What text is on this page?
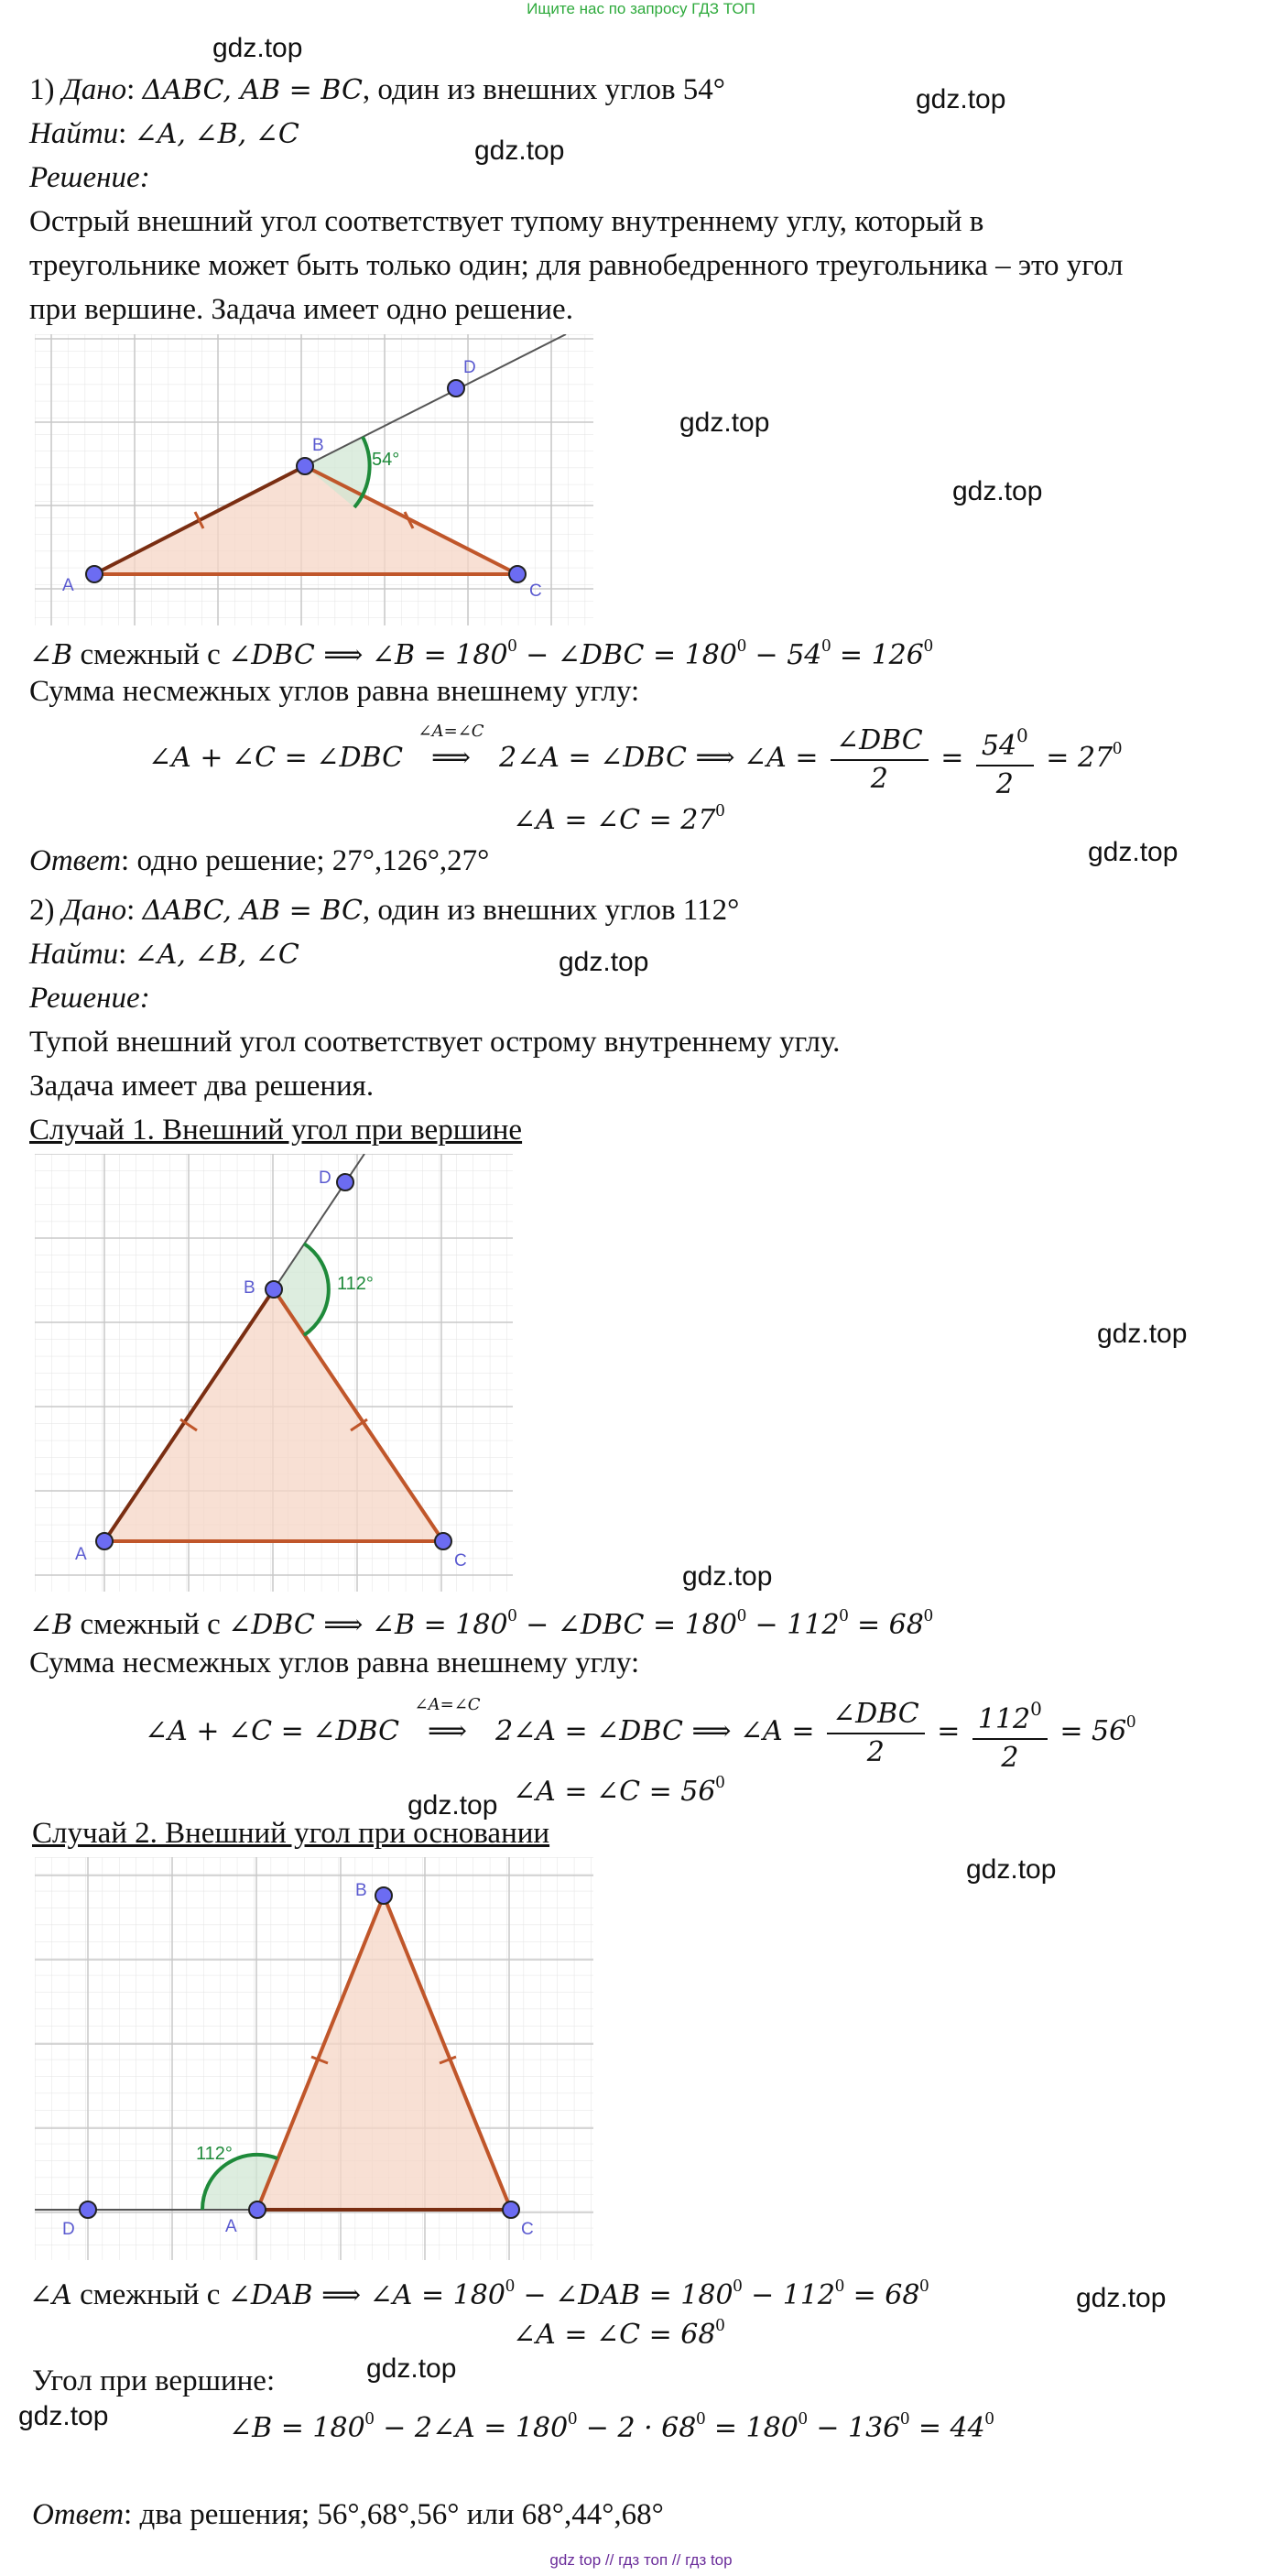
Ищите нас по запросу ГДЗ ТОП
gdz.top
gdz.top
gdz.top
gdz.top
gdz.top
gdz.top
gdz.top
gdz.top
gdz.top
gdz.top
gdz.top
gdz.top
gdz.top
gdz.top
1) Дано: ΔABC, AB = BC, один из внешних углов 54°
Найти: ∠A, ∠B, ∠C
Решение:
Острый внешний угол соответствует тупому внутреннему углу, который в
треугольнике может быть только один; для равнобедренного треугольника – это угол
при вершине. Задача имеет одно решение.
54°
A
B
C
D
∠B смежный с ∠DBC ⟹ ∠B = $180^0$ − ∠DBC = $180^0 - 54^0 = 126^0$
Сумма несмежных углов равна внешнему углу:
∠A + ∠C = ∠DBC
∠A=∠C
⟹ 2∠A = ∠DBC ⟹ ∠A = $\frac{\text{∠DBC}}{2} = \frac{54^0}{2} = 27^0$
∠A = ∠C = $27^0$
Ответ: одно решение; 27°,126°,27°
2) Дано: ΔABC, AB = BC, один из внешних углов 112°
Найти: ∠A, ∠B, ∠C
Решение:
Тупой внешний угол соответствует острому внутреннему углу.
Задача имеет два решения.
Случай 1. Внешний угол при вершине
112°
A
B
C
D
∠B смежный с ∠DBC ⟹ ∠B = $180^0$ − ∠DBC = $180^0 - 112^0 = 68^0$
Сумма несмежных углов равна внешнему углу:
∠A + ∠C = ∠DBC
∠A=∠C
⟹ 2∠A = ∠DBC ⟹ ∠A = $\frac{\text{∠DBC}}{2} = \frac{112^0}{2} = 56^0$
∠A = ∠C = $56^0$
Случай 2. Внешний угол при основании
112°
A
B
C
D
∠A смежный с ∠DAB ⟹ ∠A = $180^0$ − ∠DAB = $180^0 - 112^0 = 68^0$
∠A = ∠C = $68^0$
Угол при вершине:
∠B = $180^0$ − 2∠A = $180^0 - 2 \cdot 68^0 = 180^0 - 136^0 = 44^0$
Ответ: два решения; 56°,68°,56° или 68°,44°,68°
gdz top // гдз топ // гдз top
